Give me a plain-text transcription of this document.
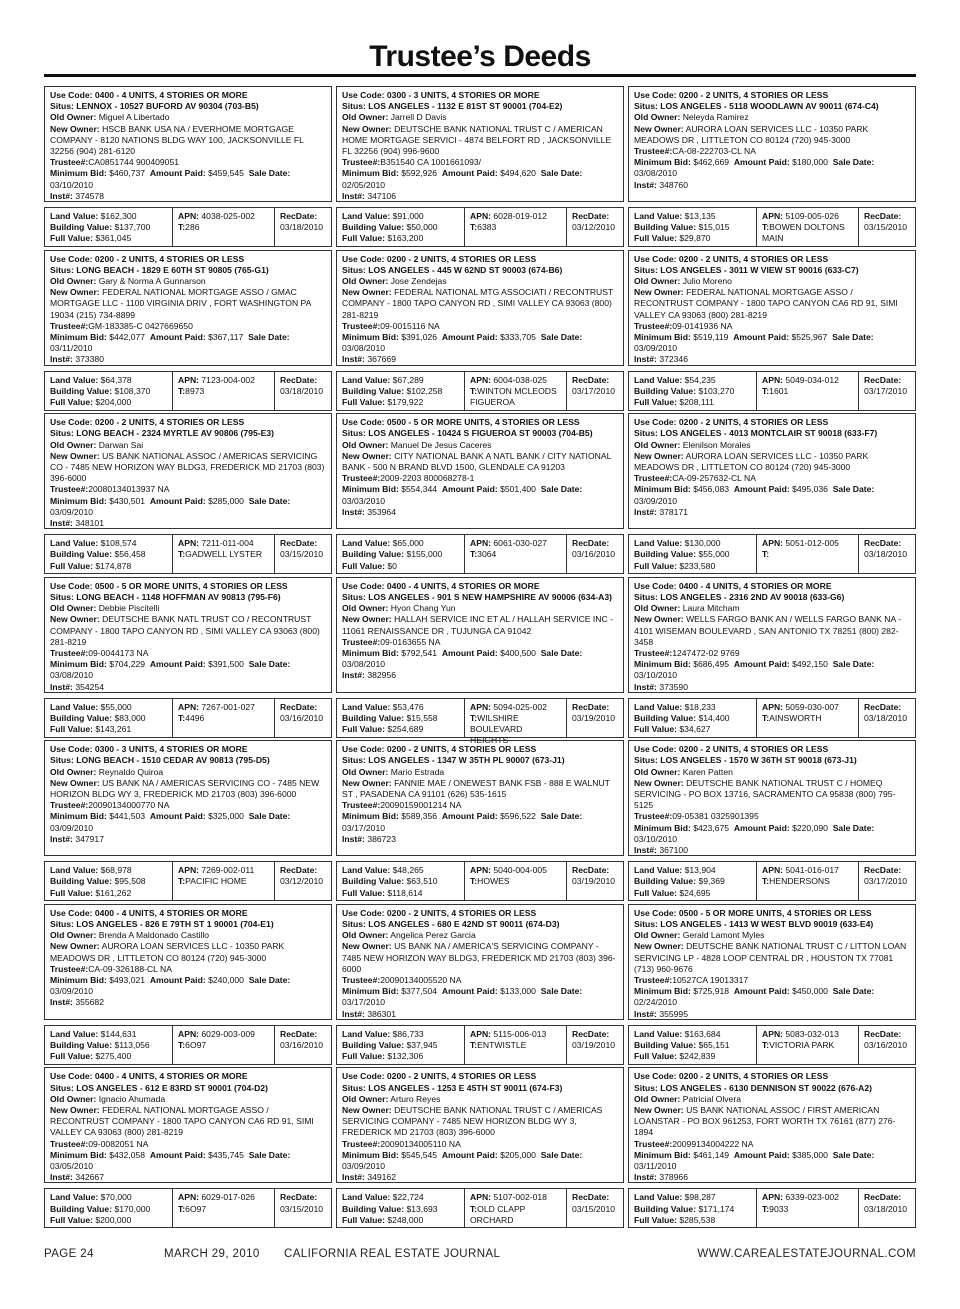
Trustee’s Deeds
Use Code: 0400 - 4 UNITS, 4 STORIES OR MORE
Situs: LENNOX - 10527 BUFORD AV 90304 (703-B5)
Old Owner: Miguel A Libertado
New Owner: HSCB BANK USA NA / EVERHOME MORTGAGE COMPANY - 8120 NATIONS BLDG WAY 100, JACKSONVILLE FL 32256 (904) 281-6120
Trustee#:CA0851744 900409051
Minimum Bid: $460,737 Amount Paid: $459,545 Sale Date: 03/10/2010
Inst#: 374578
Land Value: $162,300
Building Value: $137,700
Full Value: $361,045
APN: 4038-025-002
T:286
RecDate:
03/18/2010
Use Code: 0300 - 3 UNITS, 4 STORIES OR MORE
Situs: LOS ANGELES - 1132 E 81ST ST 90001 (704-E2)
Old Owner: Jarrell D Davis
New Owner: DEUTSCHE BANK NATIONAL TRUST C / AMERICAN HOME MORTGAGE SERVICI - 4874 BELFORT RD , JACKSONVILLE FL 32256 (904) 996-9600
Trustee#:B351540 CA 1001661093/
Minimum Bid: $592,926 Amount Paid: $494,620 Sale Date: 02/05/2010
Inst#: 347106
Land Value: $91,000
Building Value: $50,000
Full Value: $163,200
APN: 6028-019-012
T:6383
RecDate:
03/12/2010
Use Code: 0200 - 2 UNITS, 4 STORIES OR LESS
Situs: LOS ANGELES - 5118 WOODLAWN AV 90011 (674-C4)
Old Owner: Neleyda Ramirez
New Owner: AURORA LOAN SERVICES LLC - 10350 PARK MEADOWS DR , LITTLETON CO 80124 (720) 945-3000
Trustee#:CA-08-222703-CL NA
Minimum Bid: $462,669 Amount Paid: $180,000 Sale Date: 03/08/2010
Inst#: 348760
Land Value: $13,135
Building Value: $15,015
Full Value: $29,870
APN: 5109-005-026
T:BOWEN DOLTONS MAIN
RecDate:
03/15/2010
Use Code: 0200 - 2 UNITS, 4 STORIES OR LESS
Situs: LONG BEACH - 1829 E 60TH ST 90805 (765-G1)
Old Owner: Gary & Norma A Gunnarson
New Owner: FEDERAL NATIONAL MORTGAGE ASSO / GMAC MORTGAGE LLC - 1100 VIRGINIA DRIV , FORT WASHINGTON PA 19034 (215) 734-8899
Trustee#:GM-183385-C 0427669650
Minimum Bid: $442,077 Amount Paid: $367,117 Sale Date: 03/11/2010
Inst#: 373380
Land Value: $64,378
Building Value: $108,370
Full Value: $204,000
APN: 7123-004-002
T:8973
RecDate:
03/18/2010
Use Code: 0200 - 2 UNITS, 4 STORIES OR LESS
Situs: LOS ANGELES - 445 W 62ND ST 90003 (674-B6)
Old Owner: Jose Zendejas
New Owner: FEDERAL NATIONAL MTG ASSOCIATI / RECONTRUST COMPANY - 1800 TAPO CANYON RD , SIMI VALLEY CA 93063 (800) 281-8219
Trustee#:09-0015116 NA
Minimum Bid: $391,026 Amount Paid: $333,705 Sale Date: 03/08/2010
Inst#: 367669
Land Value: $67,289
Building Value: $102,258
Full Value: $179,922
APN: 6004-038-025
T:WINTON MCLEODS FIGUEROA
RecDate:
03/17/2010
Use Code: 0200 - 2 UNITS, 4 STORIES OR LESS
Situs: LOS ANGELES - 3011 W VIEW ST 90016 (633-C7)
Old Owner: Julio Moreno
New Owner: FEDERAL NATIONAL MORTGAGE ASSO / RECONTRUST COMPANY - 1800 TAPO CANYON CA6 RD 91, SIMI VALLEY CA 93063 (800) 281-8219
Trustee#:09-0141936 NA
Minimum Bid: $519,119 Amount Paid: $525,967 Sale Date: 03/09/2010
Inst#: 372346
Land Value: $54,235
Building Value: $103,270
Full Value: $208,111
APN: 5049-034-012
T:1601
RecDate:
03/17/2010
Use Code: 0200 - 2 UNITS, 4 STORIES OR LESS
Situs: LONG BEACH - 2324 MYRTLE AV 90806 (795-E3)
Old Owner: Darwan Sai
New Owner: US BANK NATIONAL ASSOC / AMERICAS SERVICING CO - 7485 NEW HORIZON WAY BLDG3, FREDERICK MD 21703 (803) 396-6000
Trustee#:20080134013937 NA
Minimum Bid: $430,501 Amount Paid: $285,000 Sale Date: 03/09/2010
Inst#: 348101
Land Value: $108,574
Building Value: $56,458
Full Value: $174,878
APN: 7211-011-004
T:GADWELL LYSTER
RecDate:
03/15/2010
Use Code: 0500 - 5 OR MORE UNITS, 4 STORIES OR LESS
Situs: LOS ANGELES - 10424 S FIGUEROA ST 90003 (704-B5)
Old Owner: Manuel De Jesus Caceres
New Owner: CITY NATIONAL BANK A NATL BANK / CITY NATIONAL BANK - 500 N BRAND BLVD 1500, GLENDALE CA 91203
Trustee#:2009-2203 800068278-1
Minimum Bid: $554,344 Amount Paid: $501,400 Sale Date: 03/03/2010
Inst#: 353964
Land Value: $65,000
Building Value: $155,000
Full Value: $0
APN: 6061-030-027
T:3064
RecDate:
03/16/2010
Use Code: 0200 - 2 UNITS, 4 STORIES OR LESS
Situs: LOS ANGELES - 4013 MONTCLAIR ST 90018 (633-F7)
Old Owner: Elenilson Morales
New Owner: AURORA LOAN SERVICES LLC - 10350 PARK MEADOWS DR , LITTLETON CO 80124 (720) 945-3000
Trustee#:CA-09-257632-CL NA
Minimum Bid: $456,083 Amount Paid: $495,036 Sale Date: 03/09/2010
Inst#: 378171
Land Value: $130,000
Building Value: $55,000
Full Value: $233,580
APN: 5051-012-005
T:
RecDate:
03/18/2010
Use Code: 0500 - 5 OR MORE UNITS, 4 STORIES OR LESS
Situs: LONG BEACH - 1148 HOFFMAN AV 90813 (795-F6)
Old Owner: Debbie Piscitelli
New Owner: DEUTSCHE BANK NATL TRUST CO / RECONTRUST COMPANY - 1800 TAPO CANYON RD , SIMI VALLEY CA 93063 (800) 281-8219
Trustee#:09-0044173 NA
Minimum Bid: $704,229 Amount Paid: $391,500 Sale Date: 03/08/2010
Inst#: 354254
Land Value: $55,000
Building Value: $83,000
Full Value: $143,261
APN: 7267-001-027
T:4496
RecDate:
03/16/2010
Use Code: 0400 - 4 UNITS, 4 STORIES OR MORE
Situs: LOS ANGELES - 901 S NEW HAMPSHIRE AV 90006 (634-A3)
Old Owner: Hyon Chang Yun
New Owner: HALLAH SERVICE INC ET AL / HALLAH SERVICE INC - 11061 RENAISSANCE DR , TUJUNGA CA 91042
Trustee#:09-0163655 NA
Minimum Bid: $792,541 Amount Paid: $400,500 Sale Date: 03/08/2010
Inst#: 382956
Land Value: $53,476
Building Value: $15,558
Full Value: $254,689
APN: 5094-025-002
T:WILSHIRE BOULEVARD HEIGHTS
RecDate:
03/19/2010
Use Code: 0400 - 4 UNITS, 4 STORIES OR MORE
Situs: LOS ANGELES - 2316 2ND AV 90018 (633-G6)
Old Owner: Laura Mitcham
New Owner: WELLS FARGO BANK AN / WELLS FARGO BANK NA - 4101 WISEMAN BOULEVARD , SAN ANTONIO TX 78251 (800) 282-3458
Trustee#:1247472-02 9769
Minimum Bid: $686,495 Amount Paid: $492,150 Sale Date: 03/10/2010
Inst#: 373590
Land Value: $18,233
Building Value: $14,400
Full Value: $34,627
APN: 5059-030-007
T:AINSWORTH
RecDate:
03/18/2010
Use Code: 0300 - 3 UNITS, 4 STORIES OR MORE
Situs: LONG BEACH - 1510 CEDAR AV 90813 (795-D5)
Old Owner: Reynaldo Quiroa
New Owner: US BANK NA / AMERICAS SERVICING CO - 7485 NEW HORIZON BLDG WY 3, FREDERICK MD 21703 (803) 396-6000
Trustee#:20090134000770 NA
Minimum Bid: $441,503 Amount Paid: $325,000 Sale Date: 03/09/2010
Inst#: 347917
Land Value: $68,978
Building Value: $95,508
Full Value: $161,262
APN: 7269-002-011
T:PACIFIC HOME
RecDate:
03/12/2010
Use Code: 0200 - 2 UNITS, 4 STORIES OR LESS
Situs: LOS ANGELES - 1347 W 35TH PL 90007 (673-J1)
Old Owner: Mario Estrada
New Owner: FANNIE MAE / ONEWEST BANK FSB - 888 E WALNUT ST , PASADENA CA 91101 (626) 535-1615
Trustee#:20090159001214 NA
Minimum Bid: $589,356 Amount Paid: $596,522 Sale Date: 03/17/2010
Inst#: 386723
Land Value: $48,265
Building Value: $63,510
Full Value: $118,614
APN: 5040-004-005
T:HOWES
RecDate:
03/19/2010
Use Code: 0200 - 2 UNITS, 4 STORIES OR LESS
Situs: LOS ANGELES - 1570 W 36TH ST 90018 (673-J1)
Old Owner: Karen Patten
New Owner: DEUTSCHE BANK NATIONAL TRUST C / HOMEQ SERVICING - PO BOX 13716, SACRAMENTO CA 95838 (800) 795-5125
Trustee#:09-05381 0325901395
Minimum Bid: $423,675 Amount Paid: $220,090 Sale Date: 03/10/2010
Inst#: 367100
Land Value: $13,904
Building Value: $9,369
Full Value: $24,695
APN: 5041-016-017
T:HENDERSONS
RecDate:
03/17/2010
Use Code: 0400 - 4 UNITS, 4 STORIES OR MORE
Situs: LOS ANGELES - 826 E 79TH ST 1 90001 (704-E1)
Old Owner: Brenda A Maldonado Castillo
New Owner: AURORA LOAN SERVICES LLC - 10350 PARK MEADOWS DR , LITTLETON CO 80124 (720) 945-3000
Trustee#:CA-09-326188-CL NA
Minimum Bid: $493,021 Amount Paid: $240,000 Sale Date: 03/09/2010
Inst#: 355682
Land Value: $144,631
Building Value: $113,056
Full Value: $275,400
APN: 6029-003-009
T:6O97
RecDate:
03/16/2010
Use Code: 0200 - 2 UNITS, 4 STORIES OR LESS
Situs: LOS ANGELES - 680 E 42ND ST 90011 (674-D3)
Old Owner: Angelica Perez Garcia
New Owner: US BANK NA / AMERICA'S SERVICING COMPANY - 7485 NEW HORIZON WAY BLDG3, FREDERICK MD 21703 (803) 396-6000
Trustee#:20090134005520 NA
Minimum Bid: $377,504 Amount Paid: $133,000 Sale Date: 03/17/2010
Inst#: 386301
Land Value: $86,733
Building Value: $37,945
Full Value: $132,306
APN: 5115-006-013
T:ENTWISTLE
RecDate:
03/19/2010
Use Code: 0500 - 5 OR MORE UNITS, 4 STORIES OR LESS
Situs: LOS ANGELES - 1413 W WEST BLVD 90019 (633-E4)
Old Owner: Gerald Lamont Myles
New Owner: DEUTSCHE BANK NATIONAL TRUST C / LITTON LOAN SERVICING LP - 4828 LOOP CENTRAL DR , HOUSTON TX 77081 (713) 960-9676
Trustee#:10527CA 19013317
Minimum Bid: $725,918 Amount Paid: $450,000 Sale Date: 02/24/2010
Inst#: 355995
Land Value: $163,684
Building Value: $65,151
Full Value: $242,839
APN: 5083-032-013
T:VICTORIA PARK
RecDate:
03/16/2010
Use Code: 0400 - 4 UNITS, 4 STORIES OR MORE
Situs: LOS ANGELES - 612 E 83RD ST 90001 (704-D2)
Old Owner: Ignacio Ahumada
New Owner: FEDERAL NATIONAL MORTGAGE ASSO / RECONTRUST COMPANY - 1800 TAPO CANYON CA6 RD 91, SIMI VALLEY CA 93063 (800) 281-8219
Trustee#:09-0082051 NA
Minimum Bid: $432,058 Amount Paid: $435,745 Sale Date: 03/05/2010
Inst#: 342667
Land Value: $70,000
Building Value: $170,000
Full Value: $200,000
APN: 6029-017-026
T:6O97
RecDate:
03/15/2010
Use Code: 0200 - 2 UNITS, 4 STORIES OR LESS
Situs: LOS ANGELES - 1253 E 45TH ST 90011 (674-F3)
Old Owner: Arturo Reyes
New Owner: DEUTSCHE BANK NATIONAL TRUST C / AMERICAS SERVICING COMPANY - 7485 NEW HORIZON BLDG WY 3, FREDERICK MD 21703 (803) 396-6000
Trustee#:20090134005110 NA
Minimum Bid: $545,545 Amount Paid: $205,000 Sale Date: 03/09/2010
Inst#: 349162
Land Value: $22,724
Building Value: $13,693
Full Value: $248,000
APN: 5107-002-018
T:OLD CLAPP ORCHARD
RecDate:
03/15/2010
Use Code: 0200 - 2 UNITS, 4 STORIES OR LESS
Situs: LOS ANGELES - 6130 DENNISON ST 90022 (676-A2)
Old Owner: Patricial Olvera
New Owner: US BANK NATIONAL ASSOC / FIRST AMERICAN LOANSTAR - PO BOX 961253, FORT WORTH TX 76161 (877) 276-1894
Trustee#:20099134004222 NA
Minimum Bid: $461,149 Amount Paid: $385,000 Sale Date: 03/11/2010
Inst#: 378966
Land Value: $98,287
Building Value: $171,174
Full Value: $285,538
APN: 6339-023-002
T:9033
RecDate:
03/18/2010
PAGE 24	MARCH 29, 2010 CALIFORNIA REAL ESTATE JOURNAL	WWW.CAREALESTATEJOURNAL.COM
